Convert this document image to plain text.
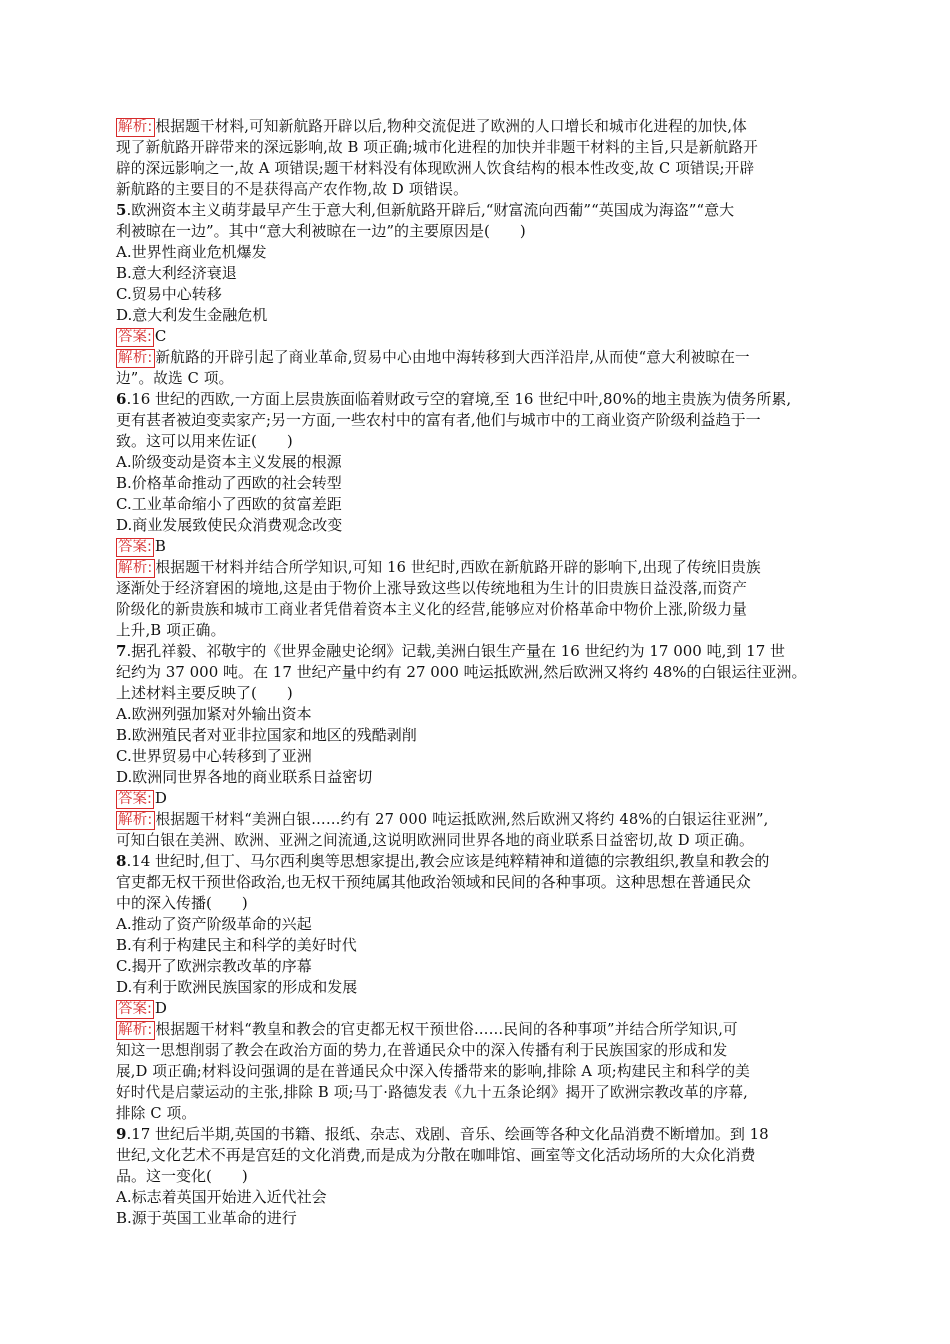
解析: 根据题干材料,可知新航路开辟以后,物种交流促进了欧洲的人口增长和城市化进程的加快,体
现了新航路开辟带来的深远影响,故 B 项正确;城市化进程的加快并非题干材料的主旨,只是新航路开
辟的深远影响之一,故 A 项错误;题干材料没有体现欧洲人饮食结构的根本性改变,故 C 项错误;开辟
新航路的主要目的不是获得高产农作物,故 D 项错误。
5.欧洲资本主义萌芽最早产生于意大利,但新航路开辟后,“财富流向西葡”“英国成为海盗”“意大
利被晾在一边”。其中“意大利被晾在一边”的主要原因是(　　)
A.世界性商业危机爆发
B.意大利经济衰退
C.贸易中心转移
D.意大利发生金融危机
答案: C
解析: 新航路的开辟引起了商业革命,贸易中心由地中海转移到大西洋沿岸,从而使“意大利被晾在一
边”。故选 C 项。
6.16 世纪的西欧,一方面上层贵族面临着财政亏空的窘境,至 16 世纪中叶,80%的地主贵族为债务所累,
更有甚者被迫变卖家产;另一方面,一些农村中的富有者,他们与城市中的工商业资产阶级利益趋于一
致。这可以用来佐证(　　)
A.阶级变动是资本主义发展的根源
B.价格革命推动了西欧的社会转型
C.工业革命缩小了西欧的贫富差距
D.商业发展致使民众消费观念改变
答案: B
解析: 根据题干材料并结合所学知识,可知 16 世纪时,西欧在新航路开辟的影响下,出现了传统旧贵族
逐渐处于经济窘困的境地,这是由于物价上涨导致这些以传统地租为生计的旧贵族日益没落,而资产
阶级化的新贵族和城市工商业者凭借着资本主义化的经营,能够应对价格革命中物价上涨,阶级力量
上升,B 项正确。
7.据孔祥毅、祁敬宇的《世界金融史论纲》记载,美洲白银生产量在 16 世纪约为 17 000 吨,到 17 世
纪约为 37 000 吨。在 17 世纪产量中约有 27 000 吨运抵欧洲,然后欧洲又将约 48%的白银运往亚洲。
上述材料主要反映了(　　)
A.欧洲列强加紧对外输出资本
B.欧洲殖民者对亚非拉国家和地区的残酷剥削
C.世界贸易中心转移到了亚洲
D.欧洲同世界各地的商业联系日益密切
答案: D
解析: 根据题干材料“美洲白银……约有 27 000 吨运抵欧洲,然后欧洲又将约 48%的白银运往亚洲”,
可知白银在美洲、欧洲、亚洲之间流通,这说明欧洲同世界各地的商业联系日益密切,故 D 项正确。
8.14 世纪时,但丁、马尔西利奥等思想家提出,教会应该是纯粹精神和道德的宗教组织,教皇和教会的
官吏都无权干预世俗政治,也无权干预纯属其他政治领域和民间的各种事项。这种思想在普通民众
中的深入传播(　　)
A.推动了资产阶级革命的兴起
B.有利于构建民主和科学的美好时代
C.揭开了欧洲宗教改革的序幕
D.有利于欧洲民族国家的形成和发展
答案: D
解析: 根据题干材料“教皇和教会的官吏都无权干预世俗……民间的各种事项”并结合所学知识,可
知这一思想削弱了教会在政治方面的势力,在普通民众中的深入传播有利于民族国家的形成和发
展,D 项正确;材料设问强调的是在普通民众中深入传播带来的影响,排除 A 项;构建民主和科学的美
好时代是启蒙运动的主张,排除 B 项;马丁·路德发表《九十五条论纲》揭开了欧洲宗教改革的序幕,
排除 C 项。
9.17 世纪后半期,英国的书籍、报纸、杂志、戏剧、音乐、绘画等各种文化品消费不断增加。到 18
世纪,文化艺术不再是宫廷的文化消费,而是成为分散在咖啡馆、画室等文化活动场所的大众化消费
品。这一变化(　　)
A.标志着英国开始进入近代社会
B.源于英国工业革命的进行
